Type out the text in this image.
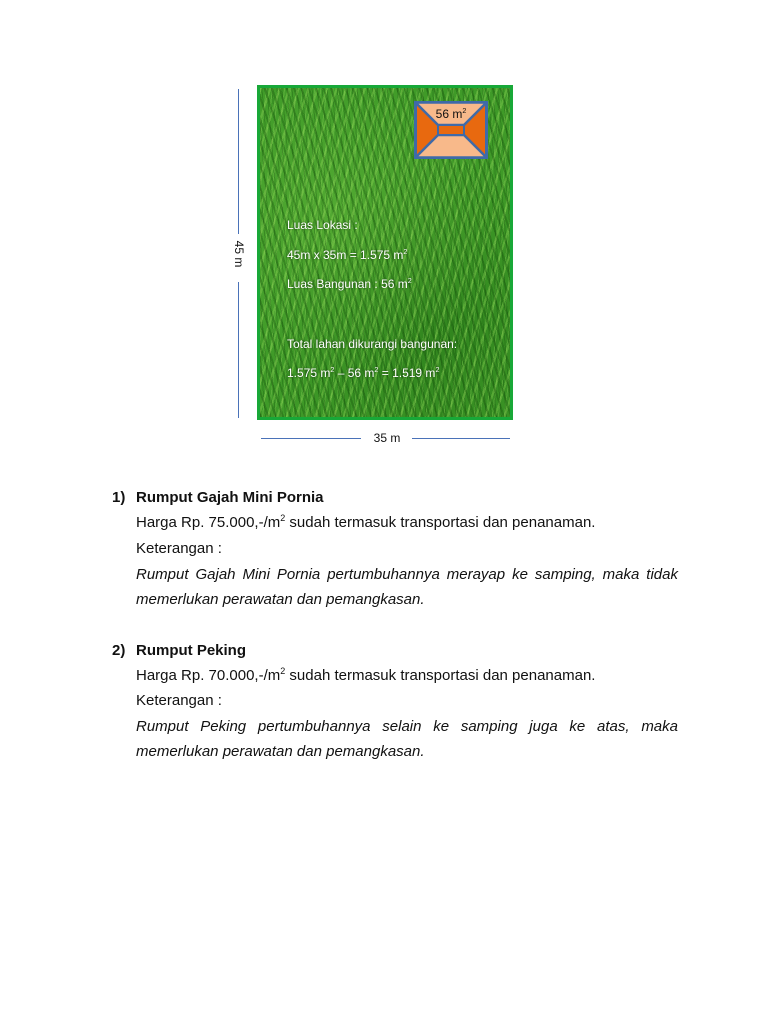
56 $m^2$
Luas Lokasi :
45m x 35m = 1.575 $m^2$
Luas Bangunan : 56 $m^2$
Total lahan dikurangi bangunan:
1.575 $m^2 - 56$ $m^2 = 1.519$ $m^2$
45 m
35 m
1) Rumput Gajah Mini Pornia
Harga Rp. $75.000,-/m^2$ sudah termasuk transportasi dan penanaman.
Keterangan :
Rumput Gajah Mini Pornia pertumbuhannya merayap ke samping, maka tidak memerlukan perawatan dan pemangkasan.
2) Rumput Peking
Harga Rp. $70.000,-/m^2$ sudah termasuk transportasi dan penanaman.
Keterangan :
Rumput Peking pertumbuhannya selain ke samping juga ke atas, maka memerlukan perawatan dan pemangkasan.
